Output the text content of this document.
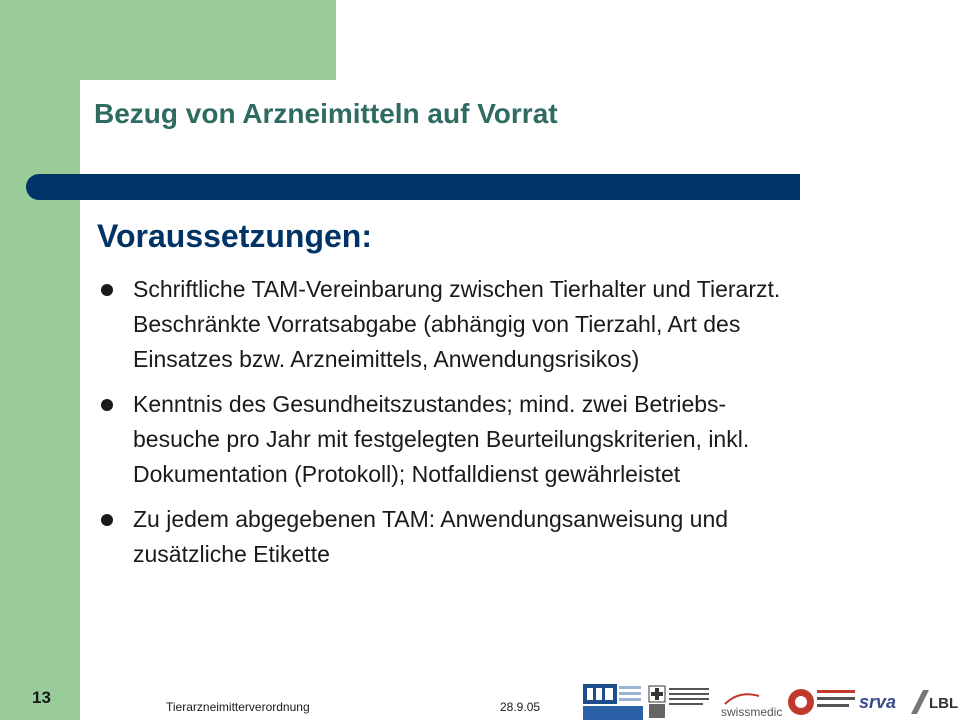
Bezug von Arzneimitteln auf Vorrat
Voraussetzungen:
Schriftliche TAM-Vereinbarung zwischen Tierhalter und Tierarzt.
Beschränkte Vorratsabgabe (abhängig von Tierzahl, Art des
Einsatzes bzw. Arzneimittels, Anwendungsrisikos)
Kenntnis des Gesundheitszustandes; mind. zwei Betriebs-
besuche pro Jahr mit festgelegten Beurteilungskriterien, inkl.
Dokumentation (Protokoll); Notfalldienst gewährleistet
Zu jedem abgegebenen TAM: Anwendungsanweisung und
zusätzliche Etikette
13	Tierarzneimitterverordnung	28.9.05	swissmedic	srva LBL
